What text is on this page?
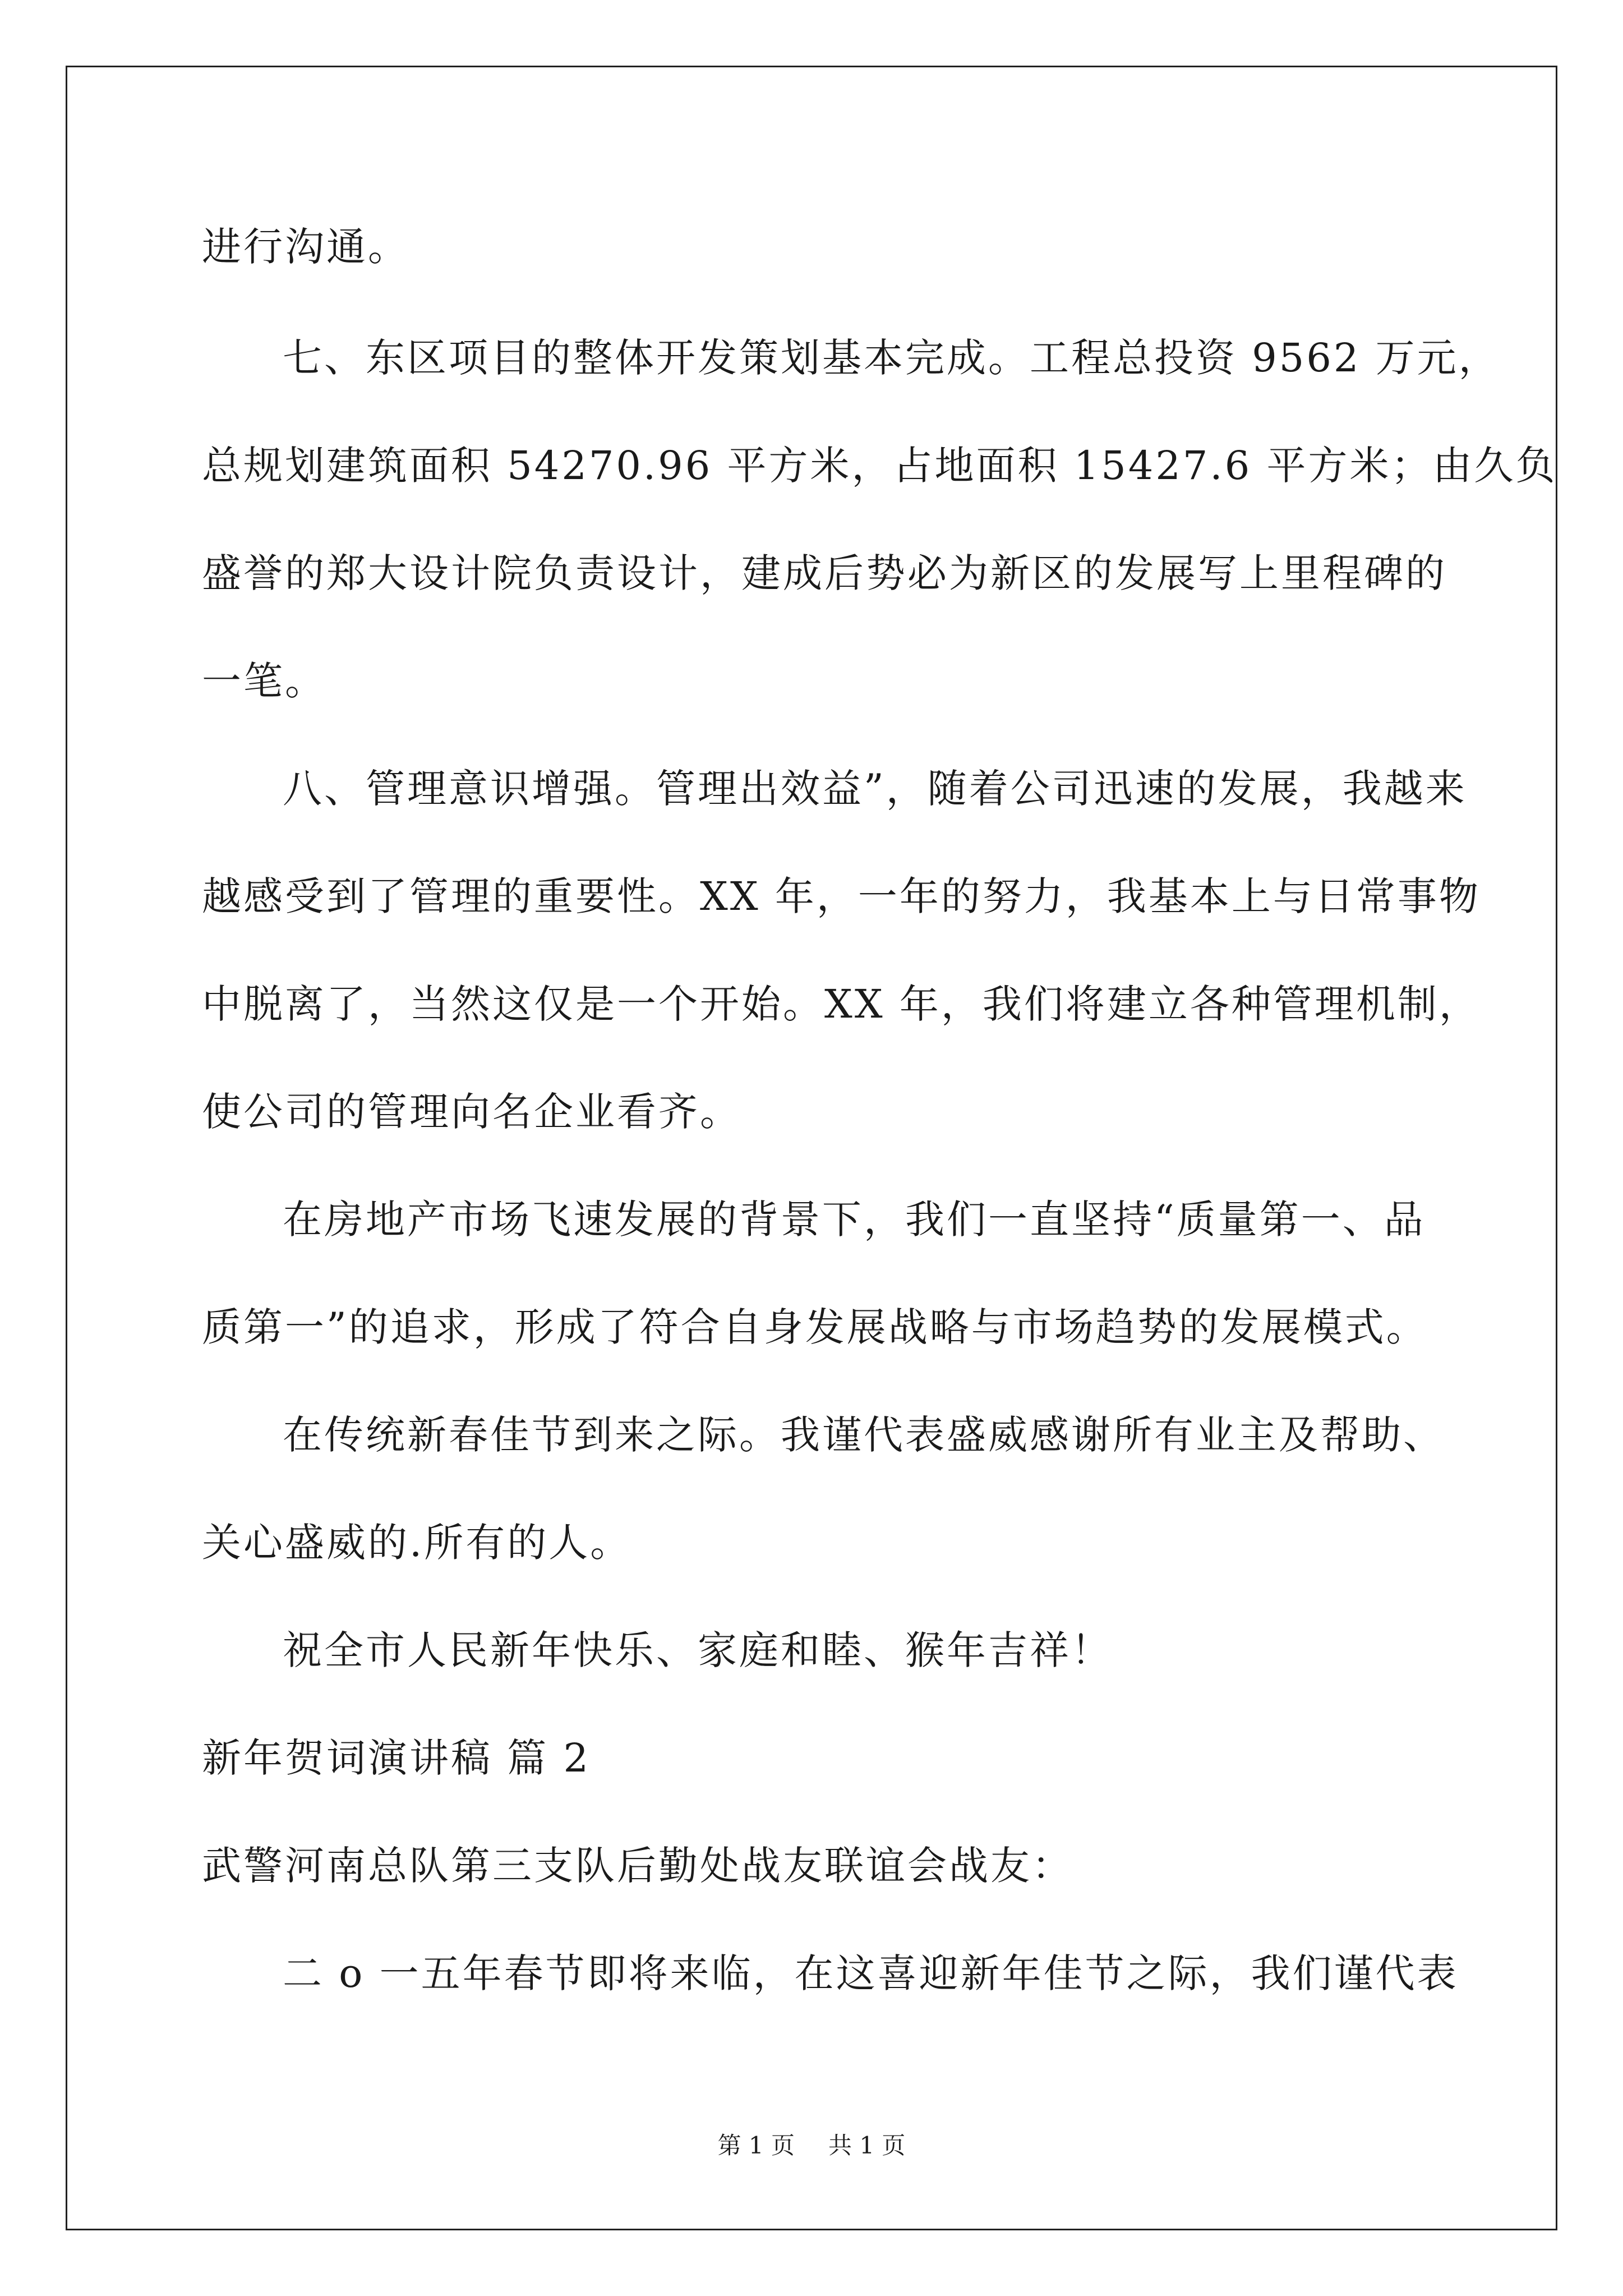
进行沟通。
七、东区项目的整体开发策划基本完成。工程总投资 9562 万元，
总规划建筑面积 54270.96 平方米，占地面积 15427.6 平方米；由久负
盛誉的郑大设计院负责设计，建成后势必为新区的发展写上里程碑的
一笔。
八、管理意识增强。管理出效益”，随着公司迅速的发展，我越来
越感受到了管理的重要性。XX 年，一年的努力，我基本上与日常事物
中脱离了，当然这仅是一个开始。XX 年，我们将建立各种管理机制，
使公司的管理向名企业看齐。
在房地产市场飞速发展的背景下，我们一直坚持“质量第一、品
质第一”的追求，形成了符合自身发展战略与市场趋势的发展模式。
在传统新春佳节到来之际。我谨代表盛威感谢所有业主及帮助、
关心盛威的.所有的人。
祝全市人民新年快乐、家庭和睦、猴年吉祥！
新年贺词演讲稿 篇 2
武警河南总队第三支队后勤处战友联谊会战友：
二 o 一五年春节即将来临，在这喜迎新年佳节之际，我们谨代表
第 1 页 共 1 页
